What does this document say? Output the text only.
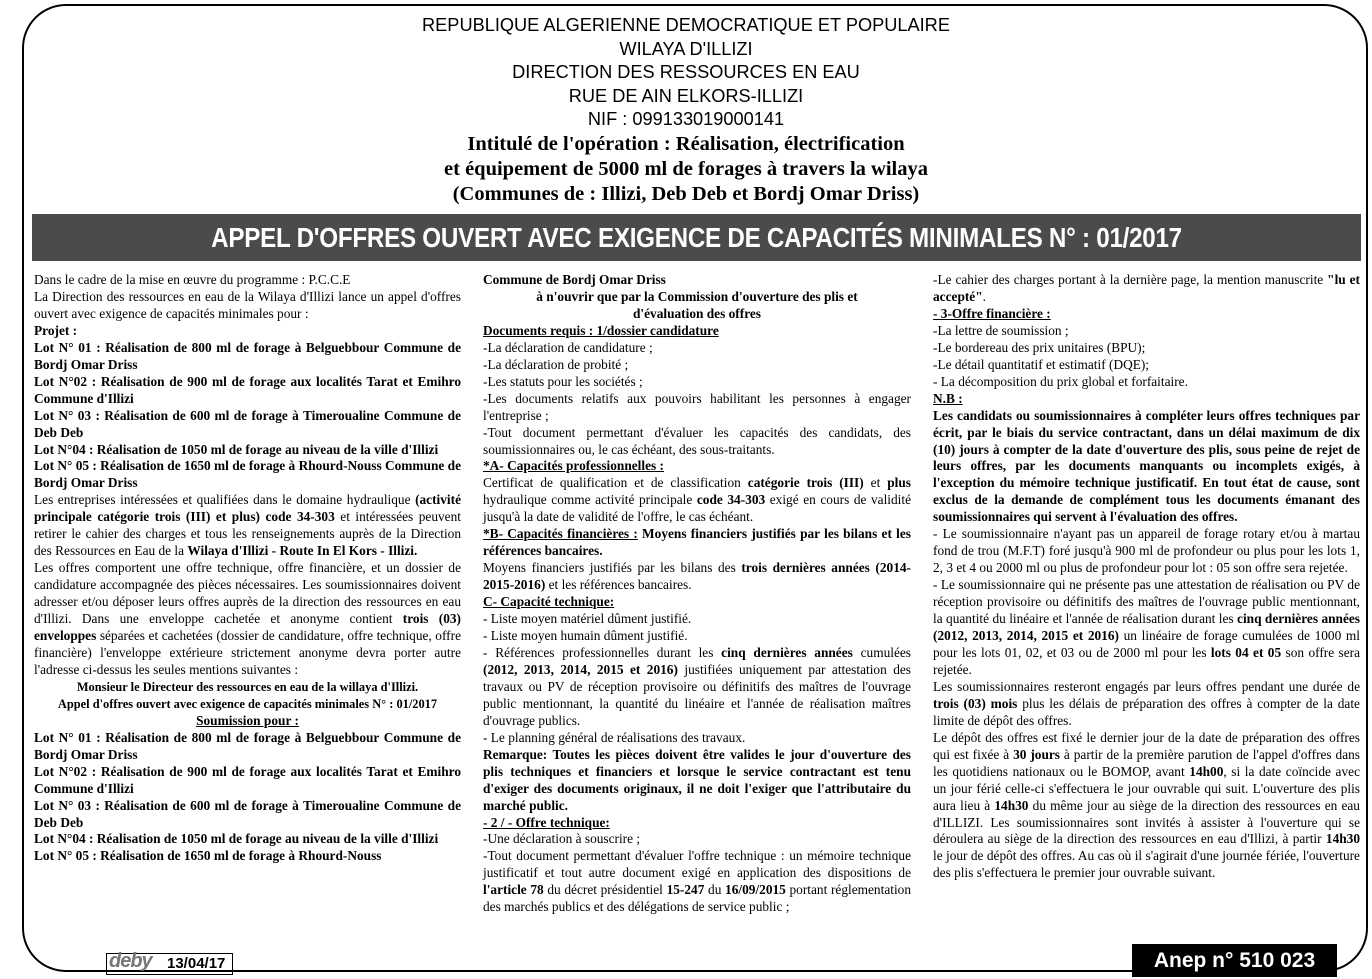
REPUBLIQUE ALGERIENNE DEMOCRATIQUE ET POPULAIRE
WILAYA D'ILLIZI
DIRECTION DES RESSOURCES EN EAU
RUE DE AIN ELKORS-ILLIZI
NIF : 099133019000141
Intitulé de l'opération : Réalisation, électrification
et équipement de 5000 ml de forages à travers la wilaya
(Communes de : Illizi, Deb Deb et Bordj Omar Driss)
APPEL D'OFFRES OUVERT AVEC EXIGENCE DE CAPACITÉS MINIMALES N° : 01/2017

Dans le cadre de la mise en œuvre du programme : P.C.C.E

La Direction des ressources en eau de la Wilaya d'Illizi lance un appel d'offres ouvert avec exigence de capacités minimales pour :

Projet :

Lot N° 01 : Réalisation de 800 ml de forage à Belguebbour Commune de Bordj Omar Driss

Lot N°02 : Réalisation de 900 ml de forage aux localités Tarat et Emihro Commune d'Illizi

Lot N° 03 : Réalisation de 600 ml de forage à Timeroualine Commune de Deb Deb

Lot N°04 : Réalisation de 1050 ml de forage au niveau de la ville d'Illizi

Lot N° 05 : Réalisation de 1650 ml de forage à Rhourd-Nouss Commune de Bordj Omar Driss

Les entreprises intéressées et qualifiées dans le domaine hydraulique (activité principale catégorie trois (III) et plus) code 34-303 et intéressées peuvent retirer le cahier des charges et tous les renseignements auprès de la Direction des Ressources en Eau de la Wilaya d'Illizi - Route In El Kors - Illizi.

Les offres comportent une offre technique, offre financière, et un dossier de candidature accompagnée des pièces nécessaires. Les soumissionnaires doivent adresser et/ou déposer leurs offres auprès de la direction des ressources en eau d'Illizi. Dans une enveloppe cachetée et anonyme contient trois (03) enveloppes séparées et cachetées (dossier de candidature, offre technique, offre financière) l'enveloppe extérieure strictement anonyme devra porter autre l'adresse ci-dessus les seules mentions suivantes :

Monsieur le Directeur des ressources en eau de la willaya d'Illizi.

Appel d'offres ouvert avec exigence de capacités minimales N° : 01/2017

Soumission pour :

Lot N° 01 : Réalisation de 800 ml de forage à Belguebbour Commune de Bordj Omar Driss

Lot N°02 : Réalisation de 900 ml de forage aux localités Tarat et Emihro Commune d'Illizi

Lot N° 03 : Réalisation de 600 ml de forage à Timeroualine Commune de Deb Deb

Lot N°04 : Réalisation de 1050 ml de forage au niveau de la ville d'Illizi

Lot N° 05 : Réalisation de 1650 ml de forage à Rhourd-Nouss

Commune de Bordj Omar Driss

à n'ouvrir que par la Commission d'ouverture des plis et d'évaluation des offres

Documents requis : 1/dossier candidature

-La déclaration de candidature ;

-La déclaration de probité ;

-Les statuts pour les sociétés ;

-Les documents relatifs aux pouvoirs habilitant les personnes à engager l'entreprise ;

-Tout document permettant d'évaluer les capacités des candidats, des soumissionnaires ou, le cas échéant, des sous-traitants.

*A- Capacités professionnelles :

Certificat de qualification et de classification catégorie trois (III) et plus hydraulique comme activité principale code 34-303 exigé en cours de validité jusqu'à la date de validité de l'offre, le cas échéant.

*B- Capacités financières : Moyens financiers justifiés par les bilans et les références bancaires.

Moyens financiers justifiés par les bilans des trois dernières années (2014-2015-2016) et les références bancaires.

C- Capacité technique:

- Liste moyen matériel dûment justifié.

- Liste moyen humain dûment justifié.

- Références professionnelles durant les cinq dernières années cumulées (2012, 2013, 2014, 2015 et 2016) justifiées uniquement par attestation des travaux ou PV de réception provisoire ou définitifs des maîtres de l'ouvrage public mentionnant, la quantité du linéaire et l'année de réalisation maîtres d'ouvrage publics.

- Le planning général de réalisations des travaux.

Remarque: Toutes les pièces doivent être valides le jour d'ouverture des plis techniques et financiers et lorsque le service contractant est tenu d'exiger des documents originaux, il ne doit l'exiger que l'attributaire du marché public.

- 2 / - Offre technique:

-Une déclaration à souscrire ;

-Tout document permettant d'évaluer l'offre technique : un mémoire technique justificatif et tout autre document exigé en application des dispositions de l'article 78 du décret présidentiel 15-247 du 16/09/2015 portant réglementation des marchés publics et des délégations de service public ;

-Le cahier des charges portant à la dernière page, la mention manuscrite "lu et accepté".

- 3-Offre financière :

-La lettre de soumission ;

-Le bordereau des prix unitaires (BPU);

-Le détail quantitatif et estimatif (DQE);

- La décomposition du prix global et forfaitaire.

N.B :

Les candidats ou soumissionnaires à compléter leurs offres techniques par écrit, par le biais du service contractant, dans un délai maximum de dix (10) jours à compter de la date d'ouverture des plis, sous peine de rejet de leurs offres, par les documents manquants ou incomplets exigés, à l'exception du mémoire technique justificatif. En tout état de cause, sont exclus de la demande de complément tous les documents émanant des soumissionnaires qui servent à l'évaluation des offres.

- Le soumissionnaire n'ayant pas un appareil de forage rotary et/ou à martau fond de trou (M.F.T) foré jusqu'à 900 ml de profondeur ou plus pour les lots 1, 2, 3 et 4 ou 2000 ml ou plus de profondeur pour lot : 05 son offre sera rejetée.

- Le soumissionnaire qui ne présente pas une attestation de réalisation ou PV de réception provisoire ou définitifs des maîtres de l'ouvrage public mentionnant, la quantité du linéaire et l'année de réalisation durant les cinq dernières années (2012, 2013, 2014, 2015 et 2016) un linéaire de forage cumulées de 1000 ml pour les lots 01, 02, et 03 ou de 2000 ml pour les lots 04 et 05 son offre sera rejetée.

Les soumissionnaires resteront engagés par leurs offres pendant une durée de trois (03) mois plus les délais de préparation des offres à compter de la date limite de dépôt des offres.

Le dépôt des offres est fixé le dernier jour de la date de préparation des offres qui est fixée à 30 jours à partir de la première parution de l'appel d'offres dans les quotidiens nationaux ou le BOMOP, avant 14h00, si la date coïncide avec un jour férié celle-ci s'effectuera le jour ouvrable qui suit. L'ouverture des plis aura lieu à 14h30 du même jour au siège de la direction des ressources en eau d'ILLIZI. Les soumissionnaires sont invités à assister à l'ouverture qui se déroulera au siège de la direction des ressources en eau d'Illizi, à partir 14h30 le jour de dépôt des offres. Au cas où il s'agirait d'une journée fériée, l'ouverture des plis s'effectuera le premier jour ouvrable suivant.

deby 13/04/17	Anep n° 510 023
